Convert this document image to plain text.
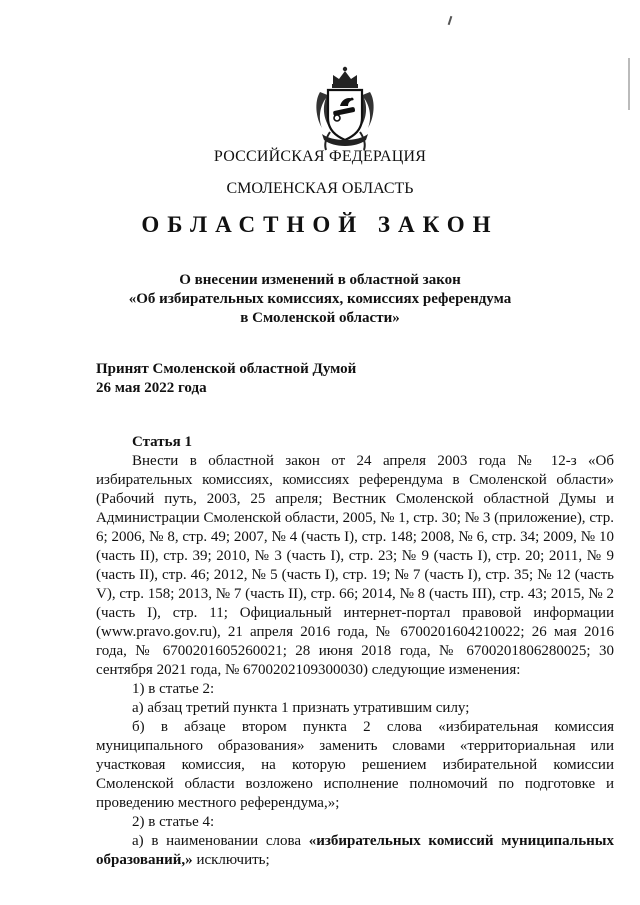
РОССИЙСКАЯ ФЕДЕРАЦИЯ
СМОЛЕНСКАЯ ОБЛАСТЬ
ОБЛАСТНОЙ ЗАКОН
О внесении изменений в областной закон
«Об избирательных комиссиях, комиссиях референдума
в Смоленской области»
Принят Смоленской областной Думой
26 мая 2022 года
Статья 1

Внести в областной закон от 24 апреля 2003 года № 12-з «Об избирательных комиссиях, комиссиях референдума в Смоленской области» (Рабочий путь, 2003, 25 апреля; Вестник Смоленской областной Думы и Администрации Смоленской области, 2005, № 1, стр. 30; № 3 (приложение), стр. 6; 2006, № 8, стр. 49; 2007, № 4 (часть I), стр. 148; 2008, № 6, стр. 34; 2009, № 10 (часть II), стр. 39; 2010, № 3 (часть I), стр. 23; № 9 (часть I), стр. 20; 2011, № 9 (часть II), стр. 46; 2012, № 5 (часть I), стр. 19; № 7 (часть I), стр. 35; № 12 (часть V), стр. 158; 2013, № 7 (часть II), стр. 66; 2014, № 8 (часть III), стр. 43; 2015, № 2 (часть I), стр. 11; Официальный интернет-портал правовой информации (www.pravo.gov.ru), 21 апреля 2016 года, № 6700201604210022; 26 мая 2016 года, № 6700201605260021; 28 июня 2018 года, № 6700201806280025; 30 сентября 2021 года, № 6700202109300030) следующие изменения:

1) в статье 2:

а) абзац третий пункта 1 признать утратившим силу;

б) в абзаце втором пункта 2 слова «избирательная комиссия муниципального образования» заменить словами «территориальная или участковая комиссия, на которую решением избирательной комиссии Смоленской области возложено исполнение полномочий по подготовке и проведению местного референдума,»;

2) в статье 4:

а) в наименовании слова «избирательных комиссий муниципальных образований,» исключить;
